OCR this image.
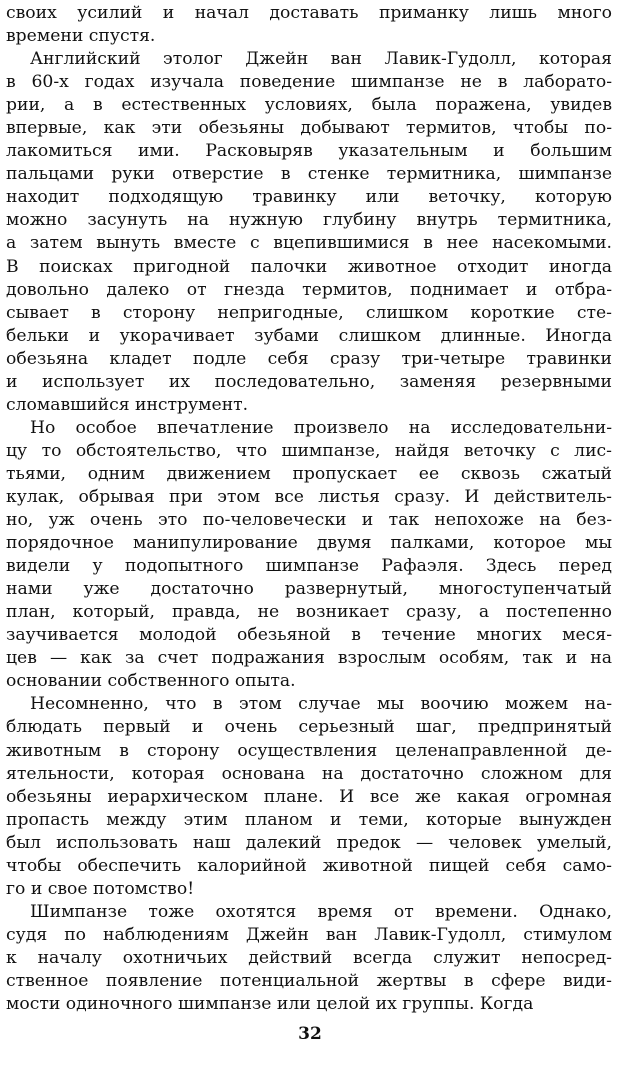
своих усилий и начал доставать приманку лишь много
времени спустя.
Английский этолог Джейн ван Лавик-Гудолл, которая
в 60-х годах изучала поведение шимпанзе не в лаборато-
рии, а в естественных условиях, была поражена, увидев
впервые, как эти обезьяны добывают термитов, чтобы по-
лакомиться ими. Расковыряв указательным и большим
пальцами руки отверстие в стенке термитника, шимпанзе
находит подходящую травинку или веточку, которую
можно засунуть на нужную глубину внутрь термитника,
а затем вынуть вместе с вцепившимися в нее насекомыми.
В поисках пригодной палочки животное отходит иногда
довольно далеко от гнезда термитов, поднимает и отбра-
сывает в сторону непригодные, слишком короткие сте-
бельки и укорачивает зубами слишком длинные. Иногда
обезьяна кладет подле себя сразу три-четыре травинки
и использует их последовательно, заменяя резервными
сломавшийся инструмент.
Но особое впечатление произвело на исследовательни-
цу то обстоятельство, что шимпанзе, найдя веточку с лис-
тьями, одним движением пропускает ее сквозь сжатый
кулак, обрывая при этом все листья сразу. И действитель-
но, уж очень это по-человечески и так непохоже на без-
порядочное манипулирование двумя палками, которое мы
видели у подопытного шимпанзе Рафаэля. Здесь перед
нами уже достаточно развернутый, многоступенчатый
план, который, правда, не возникает сразу, а постепенно
заучивается молодой обезьяной в течение многих меся-
цев — как за счет подражания взрослым особям, так и на
основании собственного опыта.
Несомненно, что в этом случае мы воочию можем на-
блюдать первый и очень серьезный шаг, предпринятый
животным в сторону осуществления целенаправленной де-
ятельности, которая основана на достаточно сложном для
обезьяны иерархическом плане. И все же какая огромная
пропасть между этим планом и теми, которые вынужден
был использовать наш далекий предок — человек умелый,
чтобы обеспечить калорийной животной пищей себя само-
го и свое потомство!
Шимпанзе тоже охотятся время от времени. Однако,
судя по наблюдениям Джейн ван Лавик-Гудолл, стимулом
к началу охотничьих действий всегда служит непосред-
ственное появление потенциальной жертвы в сфере види-
мости одиночного шимпанзе или целой их группы. Когда
32
